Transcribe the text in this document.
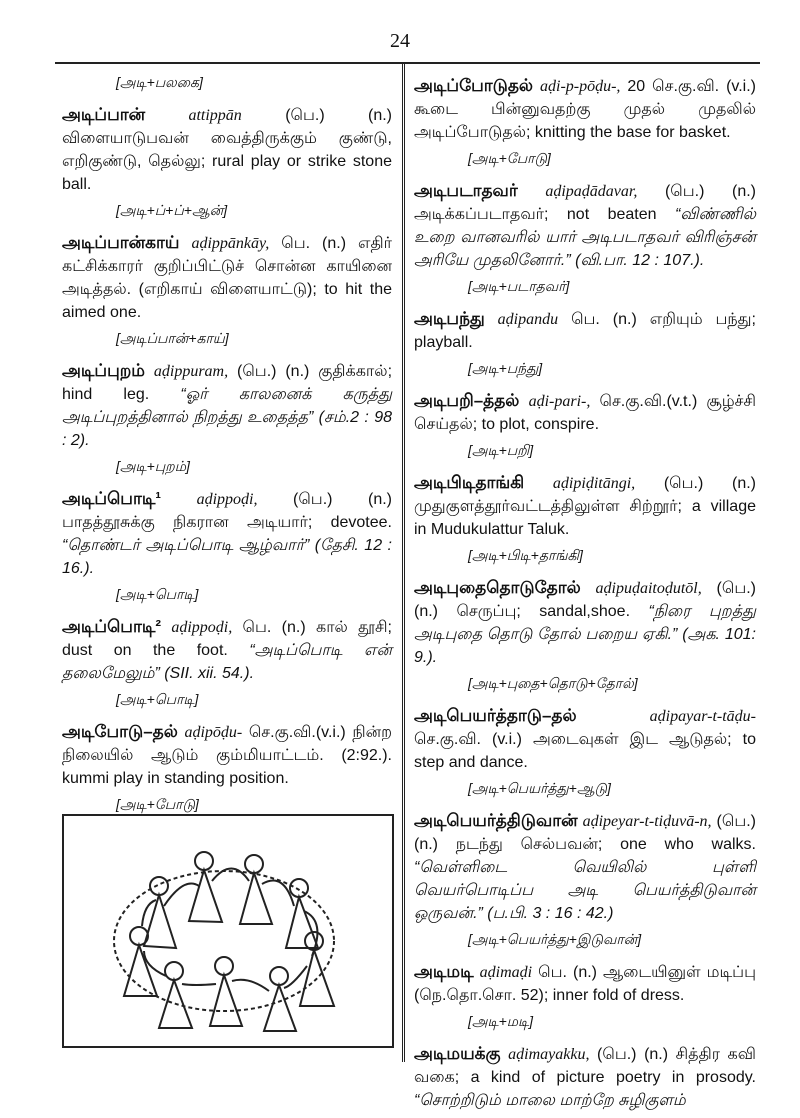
24
[அடி+பலகை]
அடிப்பான்	attippān	(பெ.) (n.) விளையாடுபவன் வைத்திருக்கும் குண்டு, எறிகுண்டு, தெல்லு; rural play or strike stone ball.
[அடி+ப்+ப்+ஆன்]
அடிப்பான்காய் aḍippānkāy, பெ. (n.) எதிர் கட்சிக்காரர் குறிப்பிட்டுச் சொன்ன காயினை அடித்தல். (எறிகாய் விளையாட்டு); to hit the aimed one.
[அடிப்பான்+காய்]
அடிப்புறம் aḍippuram, (பெ.) (n.) குதிக்கால்; hind leg. “ஓர் காலனைக் கருத்து அடிப்புறத்தினால் நிறத்து உதைத்த” (சம்.2 : 98 : 2).
[அடி+புறம்]
அடிப்பொடி¹ aḍippoḍi, (பெ.) (n.) பாதத்தூசுக்கு நிகரான அடியார்; devotee. “தொண்டர் அடிப்பொடி ஆழ்வார்” (தேசி. 12 : 16.).
[அடி+பொடி]
அடிப்பொடி² aḍippoḍi, பெ. (n.) கால் தூசி; dust on the foot. “அடிப்பொடி என் தலைமேலும்” (SII. xii. 54.).
[அடி+பொடி]
அடிபோடு–தல் aḍipōḍu- செ.கு.வி.(v.i.) நின்ற நிலையில் ஆடும் கும்மியாட்டம். (2:92.). kummi play in standing position.
[அடி+போடு]
அடிப்போடுதல் aḍi-p-pōḍu-, 20 செ.கு.வி. (v.i.) கூடை பின்னுவதற்கு முதல் முதலில் அடிப்போடுதல்; knitting the base for basket.
[அடி+போடு]
அடிபடாதவர் aḍipaḍādavar, (பெ.) (n.) அடிக்கப்படாதவர்; not beaten “விண்ணில் உறை வானவரில் யார் அடிபடாதவர் விரிஞ்சன் அரியே முதலினோர்.” (வி.பா. 12 : 107.).
[அடி+படாதவர்]
அடிபந்து aḍipandu பெ. (n.) எறியும் பந்து; playball.
[அடி+பந்து]
அடிபறி–த்தல் aḍi-pari-, செ.கு.வி.(v.t.) சூழ்ச்சி செய்தல்; to plot, conspire.
[அடி+பறி]
அடிபிடிதாங்கி aḍipiḍitāngi, (பெ.) (n.) முதுகுளத்தூர்வட்டத்திலுள்ள சிற்றூர்; a village in Mudukulattur Taluk.
[அடி+பிடி+தாங்கி]
அடிபுதைதொடுதோல் aḍipuḍaitoḍutōl, (பெ.) (n.) செருப்பு; sandal,shoe. “நிரை புறத்து அடிபுதை தொடு தோல் பறைய ஏகி.” (அக. 101: 9.).
[அடி+புதை+தொடு+தோல்]
அடிபெயர்த்தாடு–தல்	aḍipayar-t-tāḍu- செ.கு.வி. (v.i.) அடைவுகள் இட ஆடுதல்; to step and dance.
[அடி+பெயர்த்து+ஆடு]
அடிபெயர்த்திடுவான் aḍipeyar-t-tiḍuvā-n, (பெ.) (n.) நடந்து செல்பவன்; one who walks. “வெள்ளிடை வெயிலில் புள்ளி வெயர்பொடிப்ப அடி பெயர்த்திடுவான் ஒருவன்.” (ப.பி. 3 : 16 : 42.)
[அடி+பெயர்த்து+இடுவான்]
அடிமடி aḍimaḍi பெ. (n.) ஆடையினுள் மடிப்பு (நெ.தொ.சொ. 52); inner fold of dress.
[அடி+மடி]
அடிமயக்கு aḍimayakku, (பெ.) (n.) சித்திர கவி வகை; a kind of picture poetry in prosody. “சொற்றிடும் மாலை மாற்றே சுழிகுளம்
